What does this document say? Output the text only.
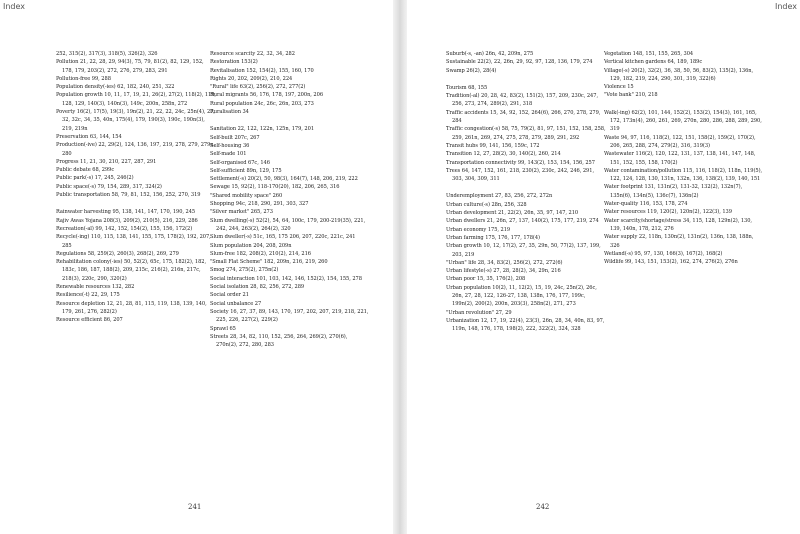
Index	Index

252, 315(2), 317(3), 318(5), 326(2), 326

Pollution 21, 22, 28, 29, 94(3), 75, 79, 81(2), 82, 129, 152, 178, 179, 203(2), 272, 276, 279, 283, 291

Pollution-free 99, 288

Population density(-ies) 62, 182, 240, 251, 322

Population growth 10, 11, 17, 19, 21, 26(2), 27(2), 118(2), 119, 128, 129, 140(3), 140n(3), 149c, 200n, 258n, 272

Poverty 16(2), 17(5), 19(3), 19n(2), 21, 22, 22, 24c, 25n(4), 27, 32, 32c, 34, 35, 40n, 175(4), 179, 190(3), 190c, 190n(3), 219, 219n

Preservation 63, 144, 154

Production(-ive) 22, 29(2), 124, 136, 197, 219, 278, 279, 279n, 280

Progress 11, 21, 30, 210, 227, 287, 291

Public debate 68, 299c

Public park(-s) 17, 245, 246(2)

Public space(-s) 79, 154, 289, 317, 324(2)

Public transportation 58, 79, 81, 152, 156, 252, 270, 319

Rainwater harvesting 95, 138, 141, 147, 170, 190, 245

Rajiv Awas Yojana 208(3), 209(2), 210(5), 216, 229, 286

Recreation(-al) 99, 142, 152, 154(2), 155, 156, 172(2)

Recycle(-ing) 110, 115, 138, 141, 155, 175, 178(2), 192, 207, 285

Regulations 58, 259(2), 260(3), 268(2), 269, 279

Rehabilitation colony(-ies) 50, 52(2), 65c, 175, 182(2), 182, 183c, 186, 187, 188(2), 209, 215c, 216(2), 216n, 217c, 218(3), 220c, 290, 320(2)

Renewable resources 132, 282

Resilience(-t) 22, 29, 175

Resource depletion 12, 21, 28, 81, 115, 119, 138, 139, 140, 179, 261, 276, 282(2)

Resource efficient 86, 207

Resource scarcity 22, 32, 34, 282

Restoration 153(2)

Revitalisation 152, 154(2), 155, 160, 170

Rights 20, 202, 209(2), 210, 224

"Rural" life 63(2), 256(2), 272, 277(2)

Rural migrants 56, 176, 178, 197, 200n, 206

Rural population 24c, 26c, 26n, 203, 273

Ruralisation 34

Sanitation 22, 122, 122n, 125n, 179, 201

Self-built 207c, 267

Self-housing 36

Self-made 101

Self-organised 67c, 146

Self-sufficient 89n, 129, 175

Settlement(-s) 20(2), 50, 98(3), 164(7), 148, 206, 219, 222

Sewage 15, 92(2), 118-170(20), 182, 206, 265, 316

"Shared mobility space" 260

Shopping 94c, 218, 290, 291, 303, 327

"Silver market" 265, 273

Slum dwelling(-s) 52(2), 54, 64, 100c, 179, 200-219(35), 221, 242, 244, 263(2), 264(2), 320

Slum dweller(-s) 51c, 165, 175 206, 207, 220c, 221c, 241

Slum population 204, 208, 209n

Slum-free 182, 208(2), 210(2), 214, 216

"Small Flat Scheme" 182, 209n, 216, 219, 260

Smog 274, 275(2), 275n(2)

Social interaction 101, 103, 142, 146, 152(2), 154, 155, 278

Social isolation 28, 82, 256, 272, 289

Social order 21

Social unbalance 27

Society 16, 27, 37, 89, 143, 170, 197, 202, 207, 219, 218, 221, 225, 226, 227(2), 229(2)

Sprawl 65

Streets 28, 34, 82, 110, 152, 256, 264, 269(2), 270(6), 270n(2), 272, 280, 283

Suburb(-s, -an) 26n, 42, 209n, 275

Sustainable 22(2), 22, 26n, 29, 92, 97, 128, 136, 179, 274

Swamp 26(2), 28(4)

Tourism 68, 155

Tradition(-al) 20, 28, 42, 83(2), 151(2), 157, 209, 230c, 247, 256, 273, 274, 289(2), 291, 318

Traffic accidents 15, 34, 92, 152, 264(6), 266, 270, 278, 279, 284

Traffic congestion(-s) 58, 75, 79(2), 81, 97, 151, 152, 158, 258, 259, 261n, 269, 274, 275, 278, 279, 289, 291, 292

Transit hubs 99, 141, 156, 159c, 172

Transition 12, 27, 28(2), 30, 140(2), 260, 214

Transportation connectivity 99, 143(2), 153, 154, 156, 257

Trees 64, 147, 152, 161, 218, 230(2), 230c, 242, 246, 291, 303, 304, 309, 311

Underemployment 27, 83, 256, 272, 272n

Urban culture(-s) 28n, 256, 328

Urban development 21, 22(2), 26n, 35, 97, 147, 210

Urban dwellers 21, 26n, 27, 137, 140(2), 175, 177, 219, 274

Urban economy 175, 219

Urban farming 175, 176, 177, 178(4)

Urban growth 10, 12, 17(2), 27, 35, 29n, 50, 77(2), 137, 199, 203, 219

"Urban" life 28, 34, 83(2), 256(2), 272, 272(6)

Urban lifestyle(-s) 27, 28, 28(2), 34, 29n, 216

Urban poor 15, 35, 176(2), 208

Urban population 10(2), 11, 12(2), 15, 19, 24c, 25n(2), 26c, 26n, 27, 28, 122, 126-27, 138, 138n, 176, 177, 199c, 199n(2), 200(2), 200n, 203(3), 258n(2), 271, 273

"Urban revolution" 27, 29

Urbanization 12, 17, 19, 22(4), 23(3), 26n, 28, 34, 40n, 83, 97, 119n, 148, 176, 178, 198(2), 222, 322(2), 324, 328

Vegetation 148, 151, 155, 265, 304

Vertical kitchen gardens 64, 189, 189c

Village(-s) 20(2), 32(2), 36, 38, 50, 56, 83(2), 135(2), 136n, 129, 182, 219, 224, 290, 301, 319, 322(6)

Violence 15

"Vote bank" 210, 218

Walk(-ing) 62(2), 101, 144, 152(2), 153(2), 154(3), 161, 165, 172, 173n(4), 260, 261, 269, 270n, 280, 286, 288, 289, 290, 319

Waste 94, 97, 116, 118(2), 122, 151, 158(2), 159(2), 170(2), 206, 265, 288, 274, 279(2), 316, 319(3)

Wastewater 116(2), 120, 122, 131, 137, 138, 141, 147, 148, 151, 152, 155, 158, 170(2)

Water contamination/pollution 115, 116, 118(2), 118n, 119(5), 122, 124, 128, 130, 131n, 132n, 136, 138(2), 139, 140, 151

Water footprint 131, 131n(2), 131-32, 132(2), 132n(7), 135n(6), 134n(5), 136c(7), 136n(2)

Water-quality 116, 153, 178, 274

Water resources 119, 120(2), 120n(2), 122(3), 139

Water scarcity/shortage/stress 34, 115, 128, 129n(2), 130, 139, 140n, 178, 212, 276

Water supply 22, 118n, 130n(2), 131n(2), 136n, 138, 188n, 326

Wetland(-s) 95, 97, 130, 166(3), 167(2), 168(2)

Wildlife 99, 143, 151, 153(2), 162, 274, 276(2), 276n

241	242
